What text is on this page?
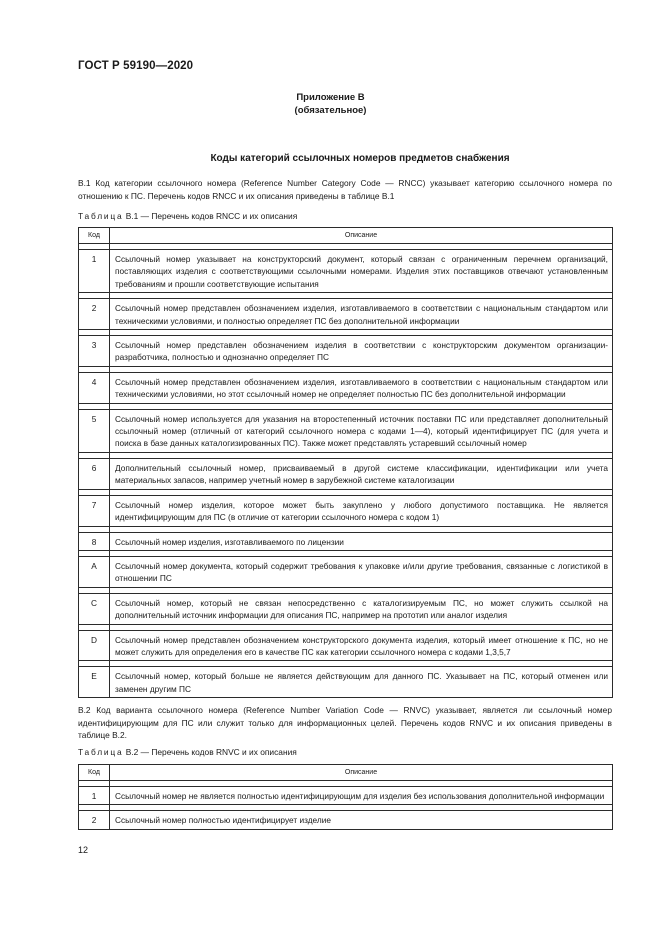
ГОСТ Р 59190—2020
Приложение В
(обязательное)
Коды категорий ссылочных номеров предметов снабжения
В.1 Код категории ссылочного номера (Reference Number Category Code — RNCC) указывает категорию ссылочного номера по отношению к ПС. Перечень кодов RNCC и их описания приведены в таблице В.1
Таблица В.1 — Перечень кодов RNCC и их описания
Код	Описание

1	Ссылочный номер указывает на конструкторский документ, который связан с ограниченным перечнем организаций, поставляющих изделия с соответствующими ссылочными номерами. Изделия этих поставщиков отвечают установленным требованиям и прошли соответствующие испытания

2	Ссылочный номер представлен обозначением изделия, изготавливаемого в соответствии с национальным стандартом или техническими условиями, и полностью определяет ПС без дополнительной информации

3	Ссылочный номер представлен обозначением изделия в соответствии с конструкторским документом организации-разработчика, полностью и однозначно определяет ПС

4	Ссылочный номер представлен обозначением изделия, изготавливаемого в соответствии с национальным стандартом или техническими условиями, но этот ссылочный номер не определяет полностью ПС без дополнительной информации

5	Ссылочный номер используется для указания на второстепенный источник поставки ПС или представляет дополнительный ссылочный номер (отличный от категорий ссылочного номера с кодами 1—4), который идентифицирует ПС (для учета и поиска в базе данных каталогизированных ПС). Также может представлять устаревший ссылочный номер

6	Дополнительный ссылочный номер, присваиваемый в другой системе классификации, идентификации или учета материальных запасов, например учетный номер в зарубежной системе каталогизации

7	Ссылочный номер изделия, которое может быть закуплено у любого допустимого поставщика. Не является идентифицирующим для ПС (в отличие от категории ссылочного номера с кодом 1)

8	Ссылочный номер изделия, изготавливаемого по лицензии

A	Ссылочный номер документа, который содержит требования к упаковке и/или другие требования, связанные с логистикой в отношении ПС

C	Ссылочный номер, который не связан непосредственно с каталогизируемым ПС, но может служить ссылкой на дополнительный источник информации для описания ПС, например на прототип или аналог изделия

D	Ссылочный номер представлен обозначением конструкторского документа изделия, который имеет отношение к ПС, но не может служить для определения его в качестве ПС как категории ссылочного номера с кодами 1,3,5,7

E	Ссылочный номер, который больше не является действующим для данного ПС. Указывает на ПС, который отменен или заменен другим ПС
В.2 Код варианта ссылочного номера (Reference Number Variation Code — RNVC) указывает, является ли ссылочный номер идентифицирующим для ПС или служит только для информационных целей. Перечень кодов RNVC и их описания приведены в таблице В.2.
Таблица В.2 — Перечень кодов RNVC и их описания
Код	Описание

1	Ссылочный номер не является полностью идентифицирующим для изделия без использования дополнительной информации

2	Ссылочный номер полностью идентифицирует изделие
12
